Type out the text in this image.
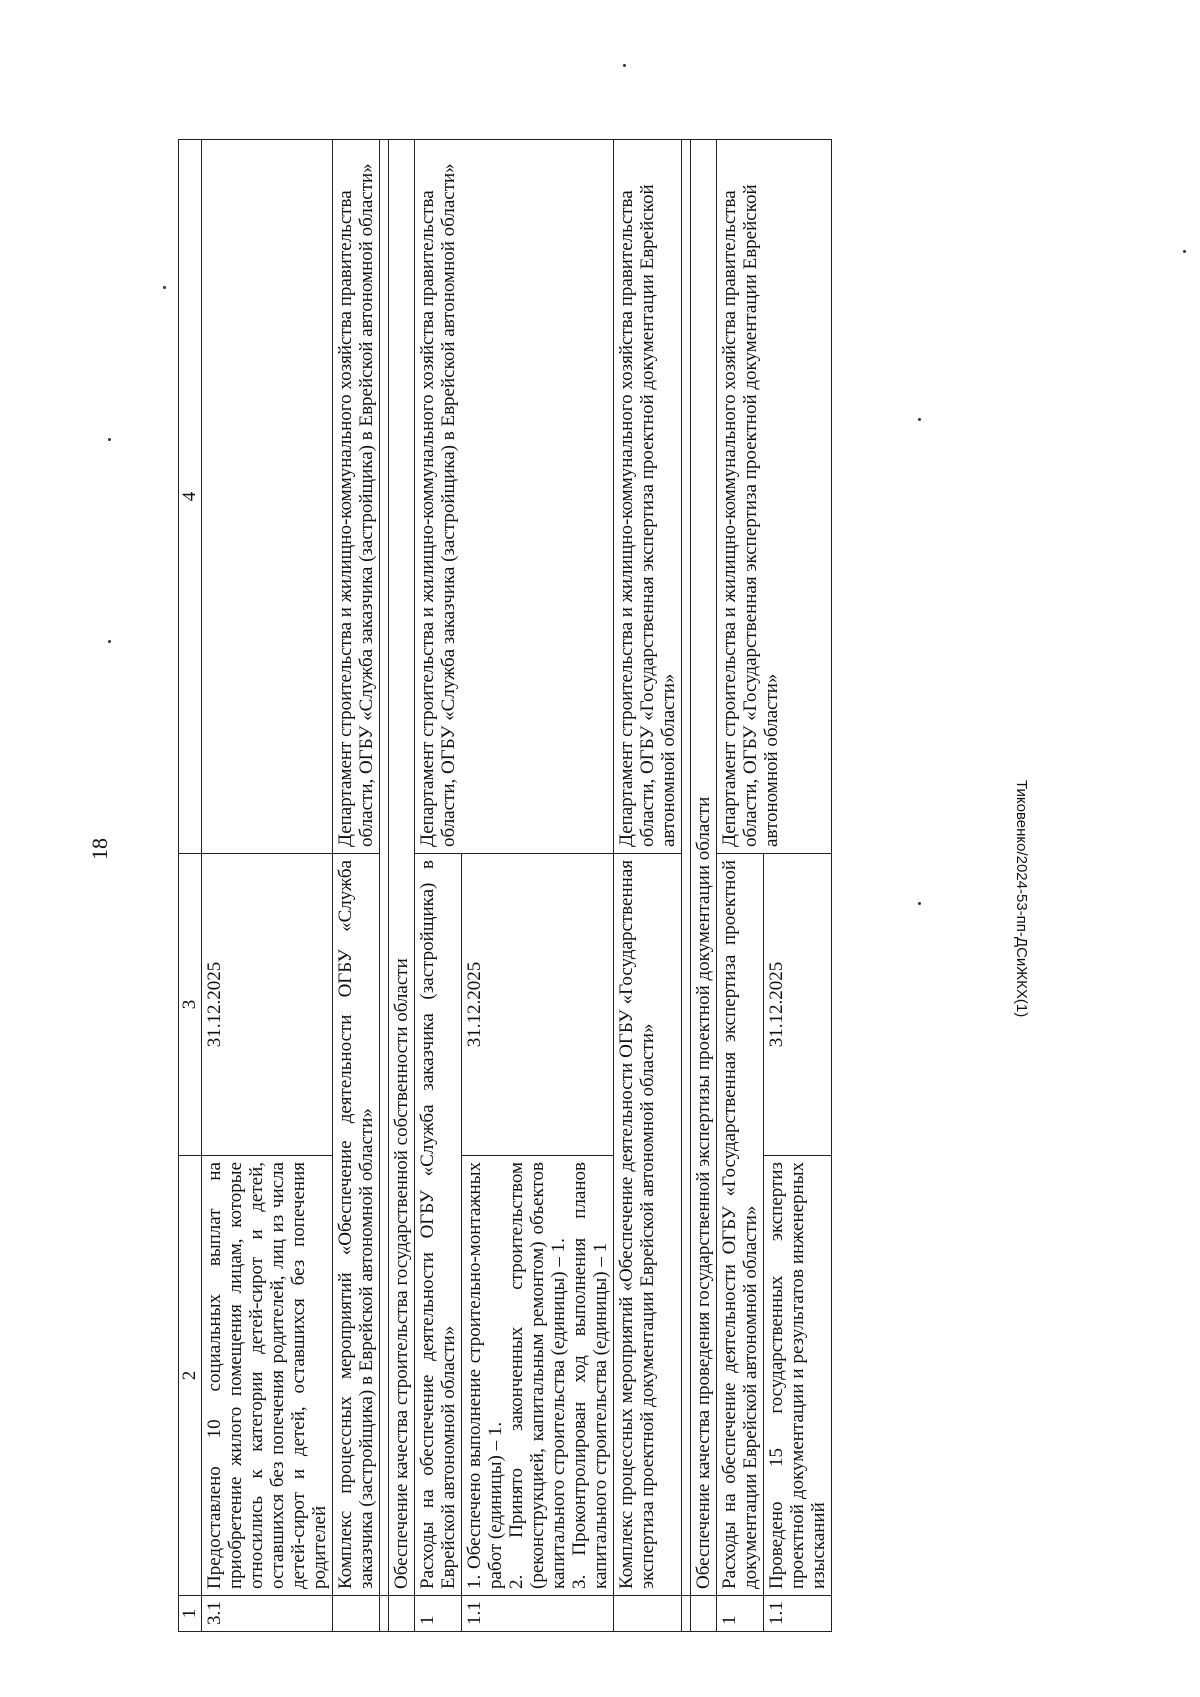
18	Тиковенко/2024-53-пп-ДСиЖКХ(1)
1	2	3	4
3.1	Предоставлено 10 социальных выплат на приобретение жилого помещения лицам, которые относились к категории детей-сирот и детей, оставшихся без попечения родителей, лиц из числа детей-сирот и детей, оставшихся без попечения родителей	31.12.2025	
	Комплекс процессных мероприятий «Обеспечение деятельности ОГБУ «Служба заказчика (застройщика) в Еврейской автономной области»		Департамент строительства и жилищно-коммунального хозяйства правительства области, ОГБУ «Служба заказчика (застройщика) в Еврейской автономной области»

	Обеспечение качества строительства государственной собственности области		
1	Расходы на обеспечение деятельности ОГБУ «Служба заказчика (застройщика) в Еврейской автономной области»		Департамент строительства и жилищно-коммунального хозяйства правительства области, ОГБУ «Служба заказчика (застройщика) в Еврейской автономной области»
1.1	1. Обеспечено выполнение строительно-монтажных работ (единицы) – 1. 2. Принято законченных строительством (реконструкцией, капитальным ремонтом) объектов капитального строительства (единицы) – 1. 3. Проконтролирован ход выполнения планов капитального строительства (единицы) – 1	31.12.2025	
	Комплекс процессных мероприятий «Обеспечение деятельности ОГБУ «Государственная экспертиза проектной документации Еврейской автономной области»		Департамент строительства и жилищно-коммунального хозяйства правительства области, ОГБУ «Государственная экспертиза проектной документации Еврейской автономной области»

	Обеспечение качества проведения государственной экспертизы проектной документации области		
1	Расходы на обеспечение деятельности ОГБУ «Государственная экспертиза проектной документации Еврейской автономной области»		Департамент строительства и жилищно-коммунального хозяйства правительства области, ОГБУ «Государственная экспертиза проектной документации Еврейской автономной области»
1.1	Проведено 15 государственных экспертиз проектной документации и результатов инженерных изысканий	31.12.2025	
